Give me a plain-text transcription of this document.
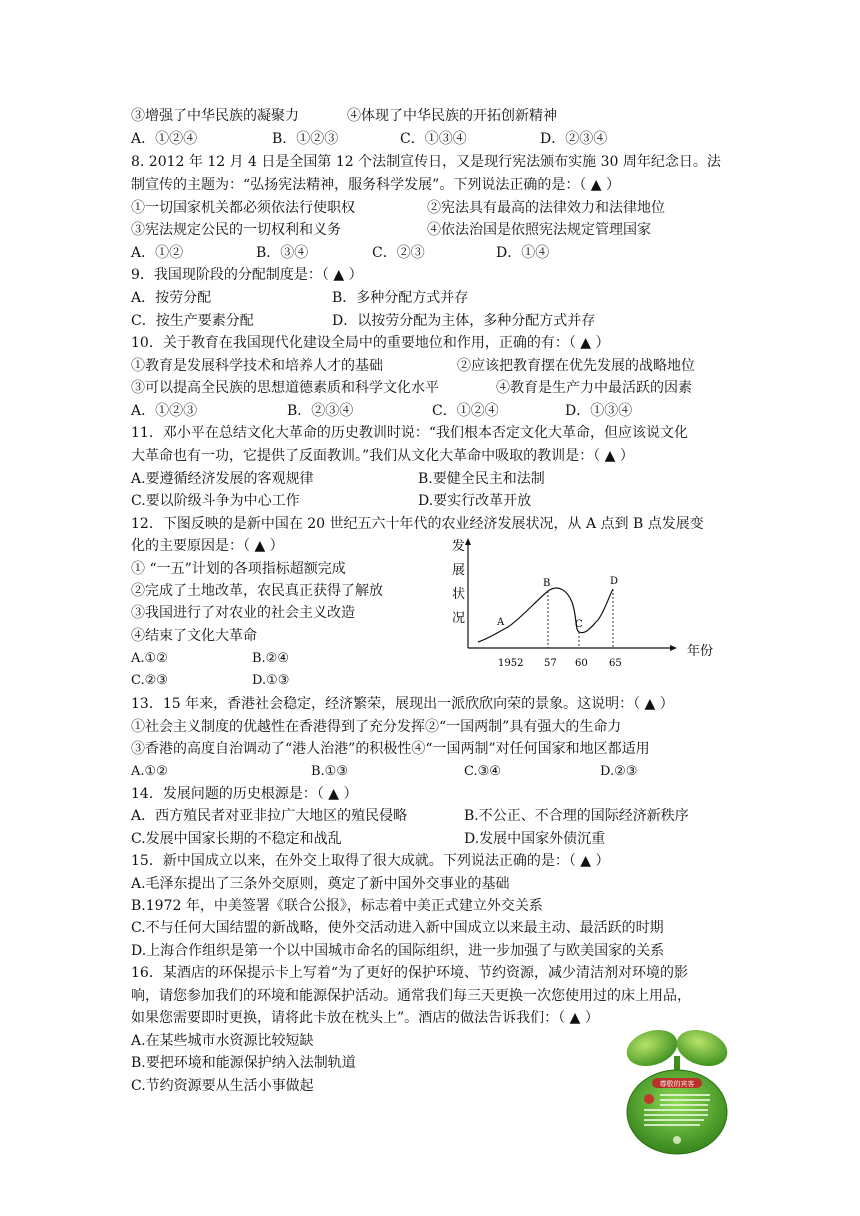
③增强了中华民族的凝聚力	④体现了中华民族的开拓创新精神
A．①②④	B．①②③	C．①③④	D．②③④
8. 2012 年 12 月 4 日是全国第 12 个法制宣传日，又是现行宪法颁布实施 30 周年纪念日。法
制宣传的主题为：“弘扬宪法精神，服务科学发展”。下列说法正确的是：（ ▲ ）
①一切国家机关都必须依法行使职权	②宪法具有最高的法律效力和法律地位
③宪法规定公民的一切权利和义务	④依法治国是依照宪法规定管理国家
A．①②	B．③④	C．②③	D．①④
9．我国现阶段的分配制度是：（ ▲ ）
A．按劳分配	B．多种分配方式并存
C．按生产要素分配	D．以按劳分配为主体，多种分配方式并存
10．关于教育在我国现代化建设全局中的重要地位和作用，正确的有：（ ▲ ）
①教育是发展科学技术和培养人才的基础	②应该把教育摆在优先发展的战略地位
③可以提高全民族的思想道德素质和科学文化水平	④教育是生产力中最活跃的因素
A．①②③	B．②③④	C．①②④	D．①③④
11．邓小平在总结文化大革命的历史教训时说：“我们根本否定文化大革命，但应该说文化
大革命也有一功，它提供了反面教训。”我们从文化大革命中吸取的教训是：（ ▲ ）
A.要遵循经济发展的客观规律	B.要健全民主和法制
C.要以阶级斗争为中心工作	D.要实行改革开放
12．下图反映的是新中国在 20 世纪五六十年代的农业经济发展状况，从 A 点到 B 点发展变
化的主要原因是：（ ▲ ）
① “一五”计划的各项指标超额完成
②完成了土地改革，农民真正获得了解放
③我国进行了对农业的社会主义改造
④结束了文化大革命
A.①②	B.②④
C.②③	D.①③
发
展
状
况
年份
A
1952
B
57
C
60
D
65
13．15 年来，香港社会稳定，经济繁荣，展现出一派欣欣向荣的景象。这说明：（ ▲ ）
①社会主义制度的优越性在香港得到了充分发挥②“一国两制”具有强大的生命力
③香港的高度自治调动了“港人治港”的积极性④“一国两制”对任何国家和地区都适用
A.①②	B.①③	C.③④	D.②③
14．发展问题的历史根源是：（ ▲ ）
A．西方殖民者对亚非拉广大地区的殖民侵略	B.不公正、不合理的国际经济新秩序
C.发展中国家长期的不稳定和战乱	D.发展中国家外债沉重
15．新中国成立以来，在外交上取得了很大成就。下列说法正确的是：（ ▲ ）
A.毛泽东提出了三条外交原则，奠定了新中国外交事业的基础
B.1972 年，中美签署《联合公报》，标志着中美正式建立外交关系
C.不与任何大国结盟的新战略，使外交活动进入新中国成立以来最主动、最活跃的时期
D.上海合作组织是第一个以中国城市命名的国际组织，进一步加强了与欧美国家的关系
16．某酒店的环保提示卡上写着“为了更好的保护环境、节约资源，减少清洁剂对环境的影
响，请您参加我们的环境和能源保护活动。通常我们每三天更换一次您使用过的床上用品，
如果您需要即时更换，请将此卡放在枕头上”。酒店的做法告诉我们：（ ▲ ）
A.在某些城市水资源比较短缺
B.要把环境和能源保护纳入法制轨道
C.节约资源要从生活小事做起	尊敬的宾客
